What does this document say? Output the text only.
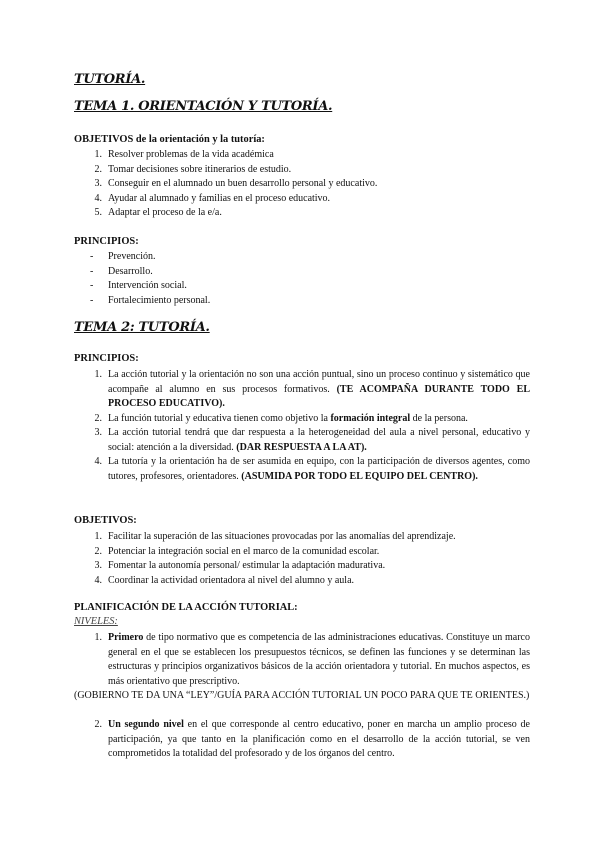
TUTORÍA.
TEMA 1. ORIENTACIÓN Y TUTORÍA.

OBJETIVOS de la orientación y la tutoría:

1. Resolver problemas de la vida académica
2. Tomar decisiones sobre itinerarios de estudio.
3. Conseguir en el alumnado un buen desarrollo personal y educativo.
4. Ayudar al alumnado y familias en el proceso educativo.
5. Adaptar el proceso de la e/a.

PRINCIPIOS:

-	Prevención.
-	Desarrollo.
-	Intervención social.
-	Fortalecimiento personal.
TEMA 2: TUTORÍA.

PRINCIPIOS:

1. La acción tutorial y la orientación no son una acción puntual, sino un proceso continuo y sistemático que acompañe al alumno en sus procesos formativos. (TE ACOMPAÑA DURANTE TODO EL PROCESO EDUCATIVO).
2. La función tutorial y educativa tienen como objetivo la formación integral de la persona.
3. La acción tutorial tendrá que dar respuesta a la heterogeneidad del aula a nivel personal, educativo y social: atención a la diversidad. (DAR RESPUESTA A LA AT).
4. La tutoría y la orientación ha de ser asumida en equipo, con la participación de diversos agentes, como tutores, profesores, orientadores. (ASUMIDA POR TODO EL EQUIPO DEL CENTRO).

OBJETIVOS:

1. Facilitar la superación de las situaciones provocadas por las anomalías del aprendizaje.
2. Potenciar la integración social en el marco de la comunidad escolar.
3. Fomentar la autonomía personal/ estimular la adaptación madurativa.
4. Coordinar la actividad orientadora al nivel del alumno y aula.

PLANIFICACIÓN DE LA ACCIÓN TUTORIAL:

NIVELES:

1. Primero de tipo normativo que es competencia de las administraciones educativas. Constituye un marco general en el que se establecen los presupuestos técnicos, se definen las funciones y se determinan las estructuras y principios organizativos básicos de la acción orientadora y tutorial. En muchos aspectos, es más orientativo que prescriptivo.

(GOBIERNO TE DA UNA “LEY”/GUÍA PARA ACCIÓN TUTORIAL UN POCO PARA QUE TE ORIENTES.)

2. Un segundo nivel en el que corresponde al centro educativo, poner en marcha un amplio proceso de participación, ya que tanto en la planificación como en el desarrollo de la acción tutorial, se ven comprometidos la totalidad del profesorado y de los órganos del centro.
